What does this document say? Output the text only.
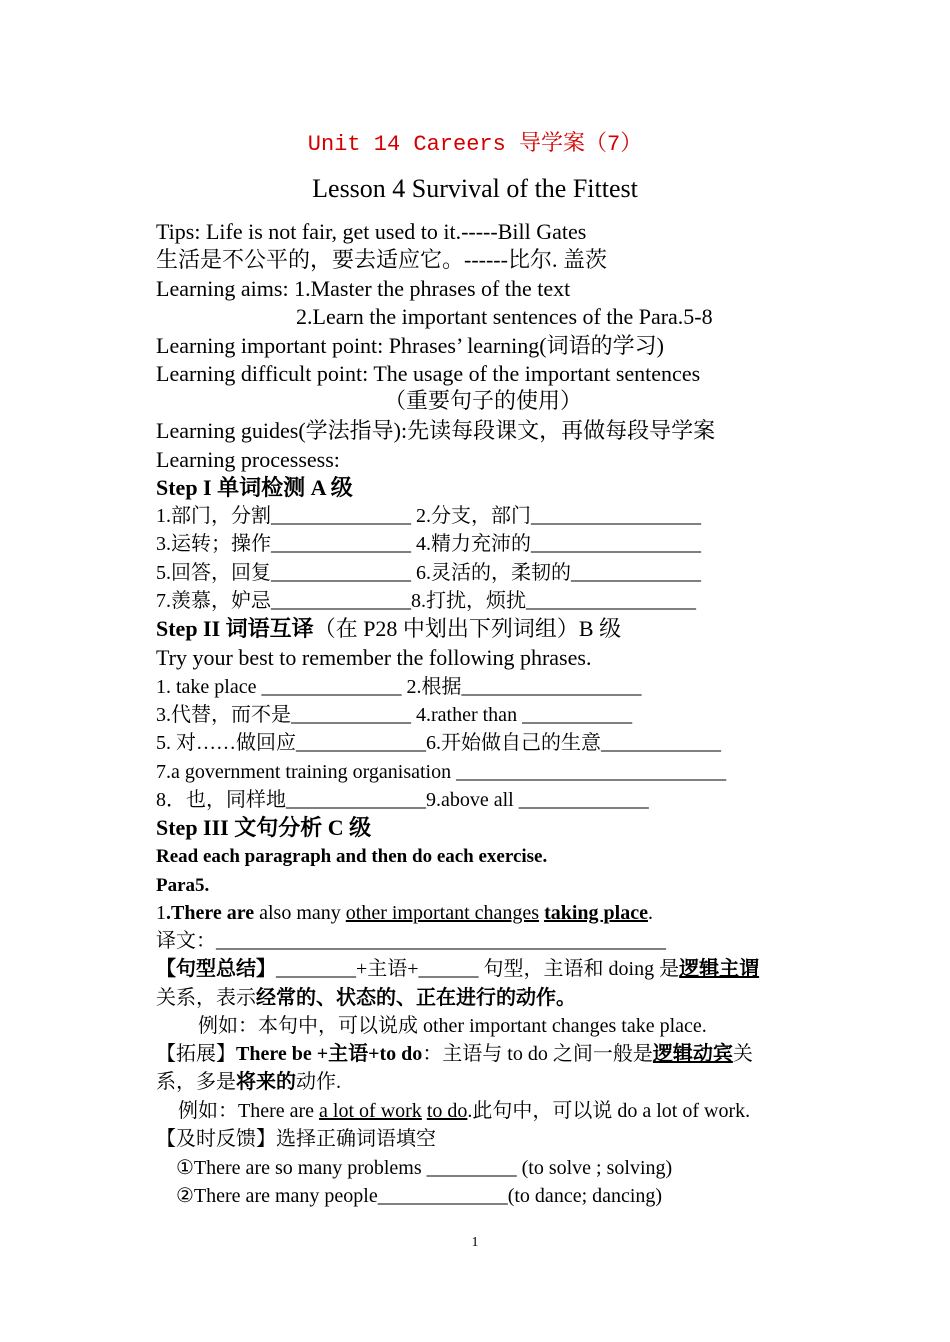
Unit 14 Careers 导学案（7）
Lesson 4 Survival of the Fittest
Tips: Life is not fair, get used to it.-----Bill Gates
生活是不公平的，要去适应它。------比尔. 盖茨
Learning aims: 1.Master the phrases of the text
2.Learn the important sentences of the Para.5-8
Learning important point: Phrases’ learning(词语的学习)
Learning difficult point: The usage of the important sentences
（重要句子的使用）
Learning guides(学法指导):先读每段课文，再做每段导学案
Learning processess:
Step I 单词检测 A 级
1.部门，分割______________ 2.分支，部门_________________
3.运转；操作______________ 4.精力充沛的_________________
5.回答，回复______________ 6.灵活的，柔韧的_____________
7.羡慕，妒忌______________8.打扰，烦扰_________________
Step II 词语互译（在 P28 中划出下列词组）B 级
Try your best to remember the following phrases.
1. take place ______________ 2.根据__________________
3.代替，而不是____________ 4.rather than ___________
5. 对……做回应_____________6.开始做自己的生意____________
7.a government training organisation ___________________________
8．也，同样地______________9.above all _____________
Step III 文句分析 C 级
Read each paragraph and then do each exercise.
Para5.
1.There are also many other important changes taking place.
译文：_____________________________________________
【句型总结】________+主语+______ 句型，主语和 doing 是逻辑主谓
关系，表示经常的、状态的、正在进行的动作。
例如：本句中，可以说成 other important changes take place.
【拓展】There be +主语+to do：主语与 to do 之间一般是逻辑动宾关
系，多是将来的动作.
例如：There are a lot of work to do.此句中，可以说 do a lot of work.
【及时反馈】选择正确词语填空
①There are so many problems _________ (to solve ; solving)
②There are many people_____________(to dance; dancing)
1
